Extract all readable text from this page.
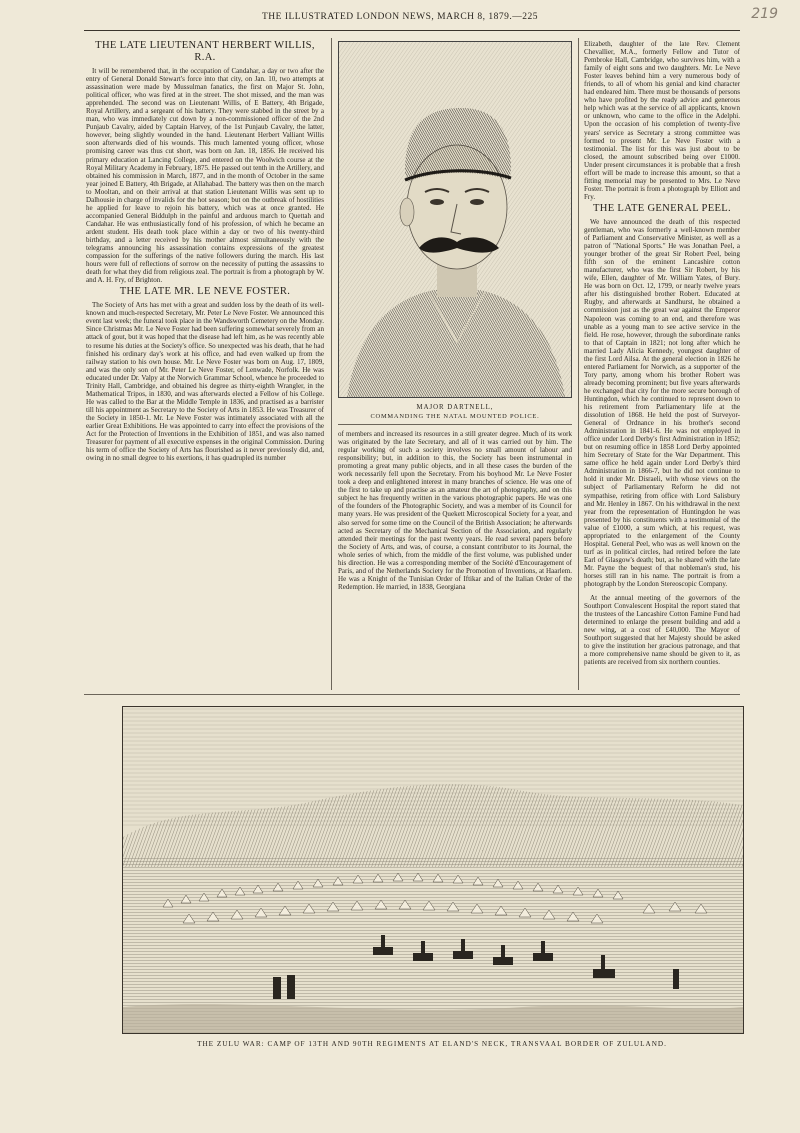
THE ILLUSTRATED LONDON NEWS, MARCH 8, 1879.—225	219
THE LATE LIEUTENANT HERBERT WILLIS, R.A.

It will be remembered that, in the occupation of Candahar, a day or two after the entry of General Donald Stewart's force into that city, on Jan. 10, two attempts at assassination were made by Mussulman fanatics, the first on Major St. John, political officer, who was fired at in the street. The shot missed, and the man was apprehended. The second was on Lieutenant Willis, of E Battery, 4th Brigade, Royal Artillery, and a sergeant of his battery. They were stabbed in the street by a man, who was immediately cut down by a non-commissioned officer of the 2nd Punjaub Cavalry, aided by Captain Harvey, of the 1st Punjaub Cavalry, the latter, however, being slightly wounded in the hand. Lieutenant Herbert Valliant Willis soon afterwards died of his wounds. This much lamented young officer, whose promising career was thus cut short, was born on Jan. 18, 1856. He received his primary education at Lancing College, and entered on the Woolwich course at the Royal Military Academy in February, 1875. He passed out tenth in the Artillery, and obtained his commission in March, 1877, and in the month of October in the same year joined E Battery, 4th Brigade, at Allahabad. The battery was then on the march to Mooltan, and on their arrival at that station Lieutenant Willis was sent up to Dalhousie in charge of invalids for the hot season; but on the outbreak of hostilities he applied for leave to rejoin his battery, which was at once granted. He accompanied General Biddulph in the painful and arduous march to Quettah and Candahar. He was enthusiastically fond of his profession, of which he became an ardent student. His death took place within a day or two of his twenty-third birthday, and a letter received by his mother almost simultaneously with the telegrams announcing his assassination contains expressions of the greatest compassion for the sufferings of the native followers during the march. His last hours were full of reflections of sorrow on the necessity of putting the assassins to death for what they did from religious zeal. The portrait is from a photograph by W. and A. H. Fry, of Brighton.

THE LATE MR. LE NEVE FOSTER.

The Society of Arts has met with a great and sudden loss by the death of its well-known and much-respected Secretary, Mr. Peter Le Neve Foster. We announced this event last week; the funeral took place in the Wandsworth Cemetery on the Monday. Since Christmas Mr. Le Neve Foster had been suffering somewhat severely from an attack of gout, but it was hoped that the disease had left him, as he was recently able to resume his duties at the Society's office. So unexpected was his death, that he had finished his ordinary day's work at his office, and had even walked up from the railway station to his own house. Mr. Le Neve Foster was born on Aug. 17, 1809, and was the only son of Mr. Peter Le Neve Foster, of Lenwade, Norfolk. He was educated under Dr. Valpy at the Norwich Grammar School, whence he proceeded to Trinity Hall, Cambridge, and obtained his degree as thirty-eighth Wrangler, in the Mathematical Tripos, in 1830, and was afterwards elected a Fellow of his College. He was called to the Bar at the Middle Temple in 1836, and practised as a barrister till his appointment as Secretary to the Society of Arts in 1853. He was Treasurer of the Society in 1850-1. Mr. Le Neve Foster was intimately associated with all the earlier Great Exhibitions. He was appointed to carry into effect the provisions of the Act for the Protection of Inventions in the Exhibition of 1851, and was also named Treasurer for payment of all executive expenses in the original Commission. During his term of office the Society of Arts has flourished as it never previously did, and, owing in no small degree to his exertions, it has quadrupled its number

MAJOR DARTNELL,
COMMANDING THE NATAL MOUNTED POLICE.

of members and increased its resources in a still greater degree. Much of its work was originated by the late Secretary, and all of it was carried out by him. The regular working of such a society involves no small amount of labour and responsibility; but, in addition to this, the Society has been instrumental in promoting a great many public objects, and in all these cases the burden of the work necessarily fell upon the Secretary. From his boyhood Mr. Le Neve Foster took a deep and enlightened interest in many branches of science. He was one of the first to take up and practise as an amateur the art of photography, and on this subject he has frequently written in the various photographic papers. He was one of the founders of the Photographic Society, and was a member of its Council for many years. He was president of the Quekett Microscopical Society for a year, and also served for some time on the Council of the British Association; he afterwards acted as Secretary of the Mechanical Section of the Association, and regularly attended their meetings for the past twenty years. He read several papers before the Society of Arts, and was, of course, a constant contributor to its Journal, the whole series of which, from the middle of the first volume, was published under his direction. He was a corresponding member of the Société d'Encouragement of Paris, and of the Netherlands Society for the Promotion of Inventions, at Haarlem. He was a Knight of the Tunisian Order of Iftikar and of the Italian Order of the Redemption. He married, in 1838, Georgiana

Elizabeth, daughter of the late Rev. Clement Chevallier, M.A., formerly Fellow and Tutor of Pembroke Hall, Cambridge, who survives him, with a family of eight sons and two daughters. Mr. Le Neve Foster leaves behind him a very numerous body of friends, to all of whom his genial and kind character had endeared him. There must be thousands of persons who have profited by the ready advice and generous help which was at the service of all applicants, known or unknown, who came to the office in the Adelphi. Upon the occasion of his completion of twenty-five years' service as Secretary a strong committee was formed to present Mr. Le Neve Foster with a testimonial. The list for this was just about to be closed, the amount subscribed being over £1000. Under present circumstances it is probable that a fresh effort will be made to increase this amount, so that a fitting memorial may be presented to Mrs. Le Neve Foster. The portrait is from a photograph by Elliott and Fry.

THE LATE GENERAL PEEL.

We have announced the death of this respected gentleman, who was formerly a well-known member of Parliament and Conservative Minister, as well as a patron of "National Sports." He was Jonathan Peel, a younger brother of the great Sir Robert Peel, being fifth son of the eminent Lancashire cotton manufacturer, who was the first Sir Robert, by his wife, Ellen, daughter of Mr. William Yates, of Bury. He was born on Oct. 12, 1799, or nearly twelve years after his distinguished brother Robert. Educated at Rugby, and afterwards at Sandhurst, he obtained a commission just as the great war against the Emperor Napoleon was coming to an end, and therefore was unable as a young man to see active service in the field. He rose, however, through the subordinate ranks to that of Captain in 1821; not long after which he married Lady Alicia Kennedy, youngest daughter of the first Lord Ailsa. At the general election in 1826 he entered Parliament for Norwich, as a supporter of the Tory party, among whom his brother Robert was already becoming prominent; but five years afterwards he exchanged that city for the more secure borough of Huntingdon, which he continued to represent down to his retirement from Parliamentary life at the dissolution of 1868. He held the post of Surveyor-General of Ordnance in his brother's second Administration in 1841-6. He was not employed in office under Lord Derby's first Administration in 1852; but on resuming office in 1858 Lord Derby appointed him Secretary of State for the War Department. This same office he held again under Lord Derby's third Administration in 1866-7, but he did not continue to hold it under Mr. Disraeli, with whose views on the subject of Parliamentary Reform he did not sympathise, retiring from office with Lord Salisbury and Mr. Henley in 1867. On his withdrawal in the next year from the representation of Huntingdon he was presented by his constituents with a testimonial of the value of £1000, a sum which, at his request, was appropriated to the enlargement of the County Hospital. General Peel, who was as well known on the turf as in political circles, had retired before the late Earl of Glasgow's death; but, as he shared with the late Mr. Payne the bequest of that nobleman's stud, his horses still ran in his name. The portrait is from a photograph by the London Stereoscopic Company.

At the annual meeting of the governors of the Southport Convalescent Hospital the report stated that the trustees of the Lancashire Cotton Famine Fund had determined to enlarge the present building and add a new wing, at a cost of £40,000. The Mayor of Southport suggested that her Majesty should be asked to give the institution her gracious patronage, and that a more comprehensive name should be given to it, as patients are received from six northern counties.

THE ZULU WAR: CAMP OF 13TH AND 90TH REGIMENTS AT ELAND'S NECK, TRANSVAAL BORDER OF ZULULAND.
